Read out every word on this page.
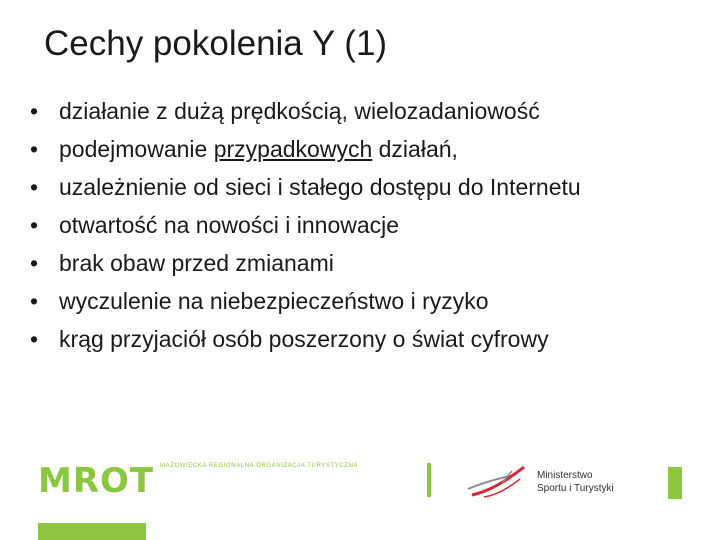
Cechy pokolenia Y (1)
• działanie z dużą prędkością, wielozadaniowość
• podejmowanie przypadkowych działań,
• uzależnienie od sieci i stałego dostępu do Internetu
• otwartość na nowości i innowacje
• brak obaw przed zmianami
• wyczulenie na niebezpieczeństwo i ryzyko
• krąg przyjaciół osób poszerzony o świat cyfrowy
MROT MAZOWIECKA REGIONALNA ORGANIZACJA TURYSTYCZNA
Ministerstwo
Sportu i Turystyki
